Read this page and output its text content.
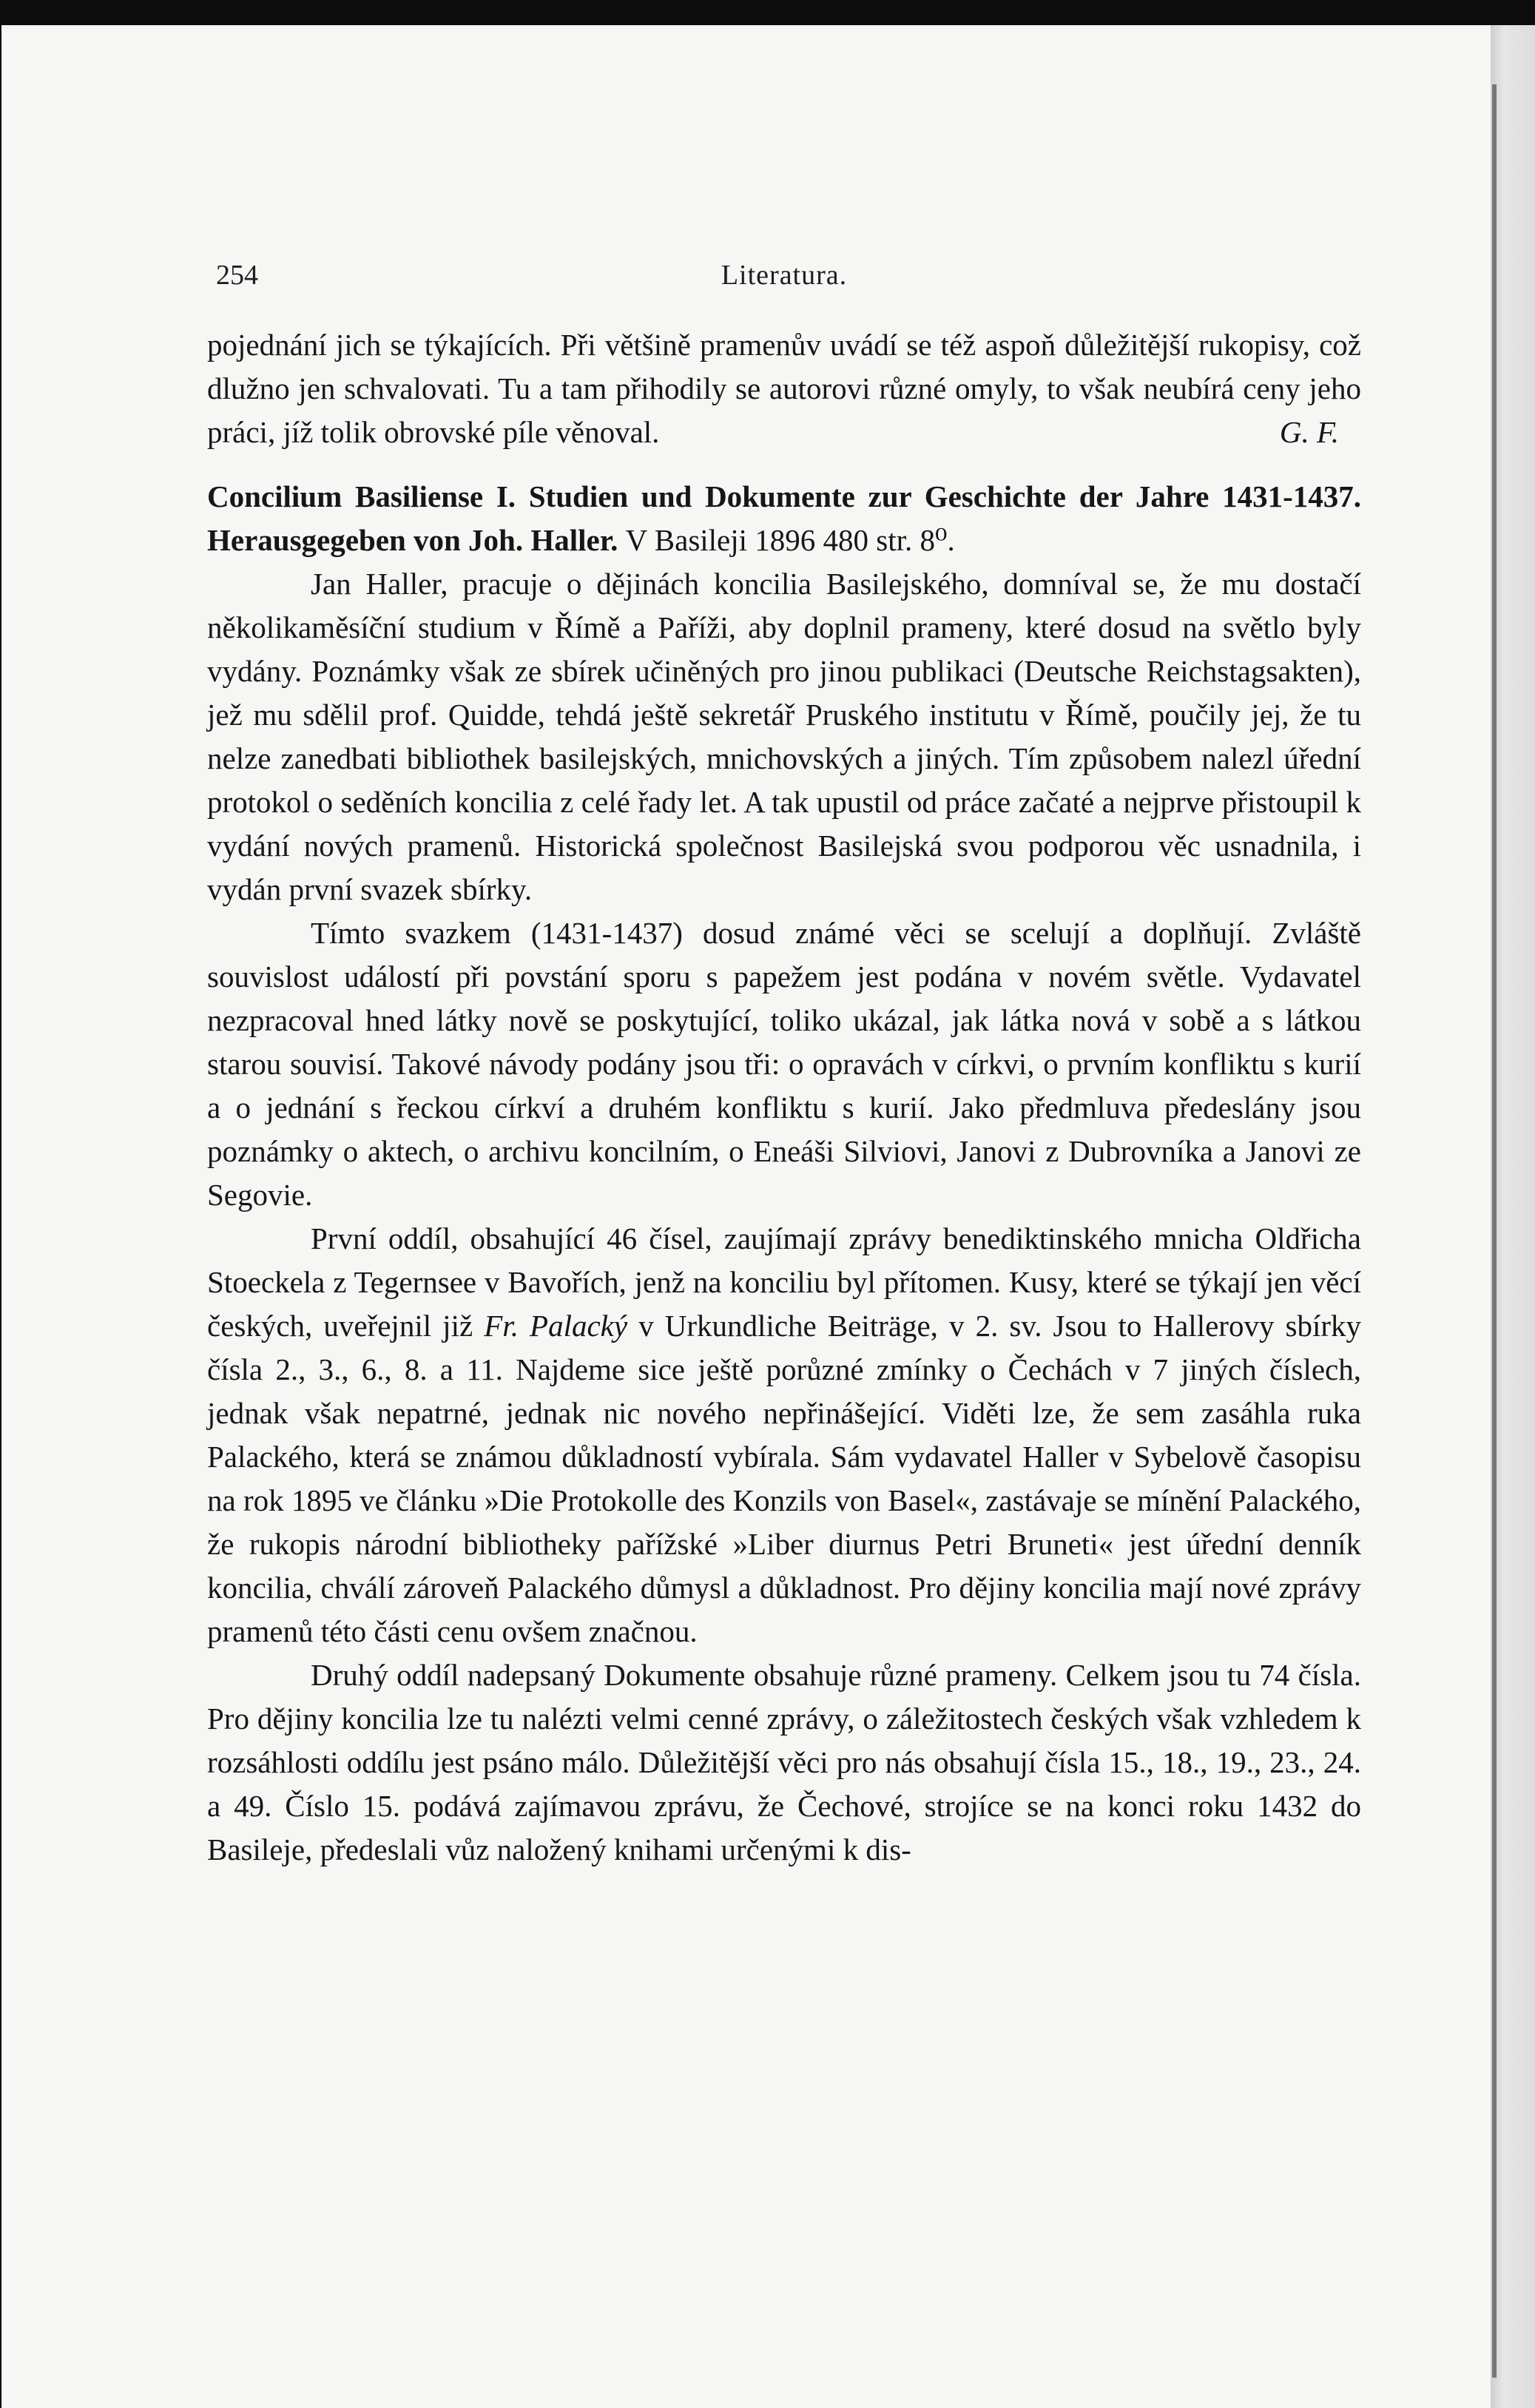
254	Literatura.

pojednání jich se týkajících. Při většině pramenův uvádí se též aspoň důležitější rukopisy, což dlužno jen schvalovati. Tu a tam přihodily se autorovi různé omyly, to však neubírá ceny jeho práci, jíž tolik obrovské píle věnoval.	G. F.

Concilium Basiliense I. Studien und Dokumente zur Geschichte der Jahre 1431-1437. Herausgegeben von Joh. Haller. V Basileji 1896 480 str. 8⁰.

Jan Haller, pracuje o dějinách koncilia Basilejského, domníval se, že mu dostačí několikaměsíční studium v Římě a Paříži, aby doplnil prameny, které dosud na světlo byly vydány. Poznámky však ze sbírek učiněných pro jinou publikaci (Deutsche Reichstagsakten), jež mu sdělil prof. Quidde, tehdá ještě sekretář Pruského institutu v Římě, poučily jej, že tu nelze zanedbati bibliothek basilejských, mnichovských a jiných. Tím způsobem nalezl úřední protokol o seděních koncilia z celé řady let. A tak upustil od práce začaté a nejprve přistoupil k vydání nových pramenů. Historická společnost Basilejská svou podporou věc usnadnila, i vydán první svazek sbírky.

Tímto svazkem (1431-1437) dosud známé věci se scelují a doplňují. Zvláště souvislost událostí při povstání sporu s papežem jest podána v novém světle. Vydavatel nezpracoval hned látky nově se poskytující, toliko ukázal, jak látka nová v sobě a s látkou starou souvisí. Takové návody podány jsou tři: o opravách v církvi, o prvním konfliktu s kurií a o jednání s řeckou církví a druhém konfliktu s kurií. Jako předmluva předeslány jsou poznámky o aktech, o archivu koncilním, o Eneáši Silviovi, Janovi z Dubrovníka a Janovi ze Segovie.

První oddíl, obsahující 46 čísel, zaujímají zprávy benediktinského mnicha Oldřicha Stoeckela z Tegernsee v Bavořích, jenž na konciliu byl přítomen. Kusy, které se týkají jen věcí českých, uveřejnil již Fr. Palacký v Urkundliche Beiträge, v 2. sv. Jsou to Hallerovy sbírky čísla 2., 3., 6., 8. a 11. Najdeme sice ještě porůzné zmínky o Čechách v 7 jiných číslech, jednak však nepatrné, jednak nic nového nepřinášející. Viděti lze, že sem zasáhla ruka Palackého, která se známou důkladností vybírala. Sám vydavatel Haller v Sybelově časopisu na rok 1895 ve článku »Die Protokolle des Konzils von Basel«, zastávaje se mínění Palackého, že rukopis národní bibliotheky pařížské »Liber diurnus Petri Bruneti« jest úřední denník koncilia, chválí zároveň Palackého důmysl a důkladnost. Pro dějiny koncilia mají nové zprávy pramenů této části cenu ovšem značnou.

Druhý oddíl nadepsaný Dokumente obsahuje různé prameny. Celkem jsou tu 74 čísla. Pro dějiny koncilia lze tu nalézti velmi cenné zprávy, o záležitostech českých však vzhledem k rozsáhlosti oddílu jest psáno málo. Důležitější věci pro nás obsahují čísla 15., 18., 19., 23., 24. a 49. Číslo 15. podává zajímavou zprávu, že Čechové, strojíce se na konci roku 1432 do Basileje, předeslali vůz naložený knihami určenými k dis-
